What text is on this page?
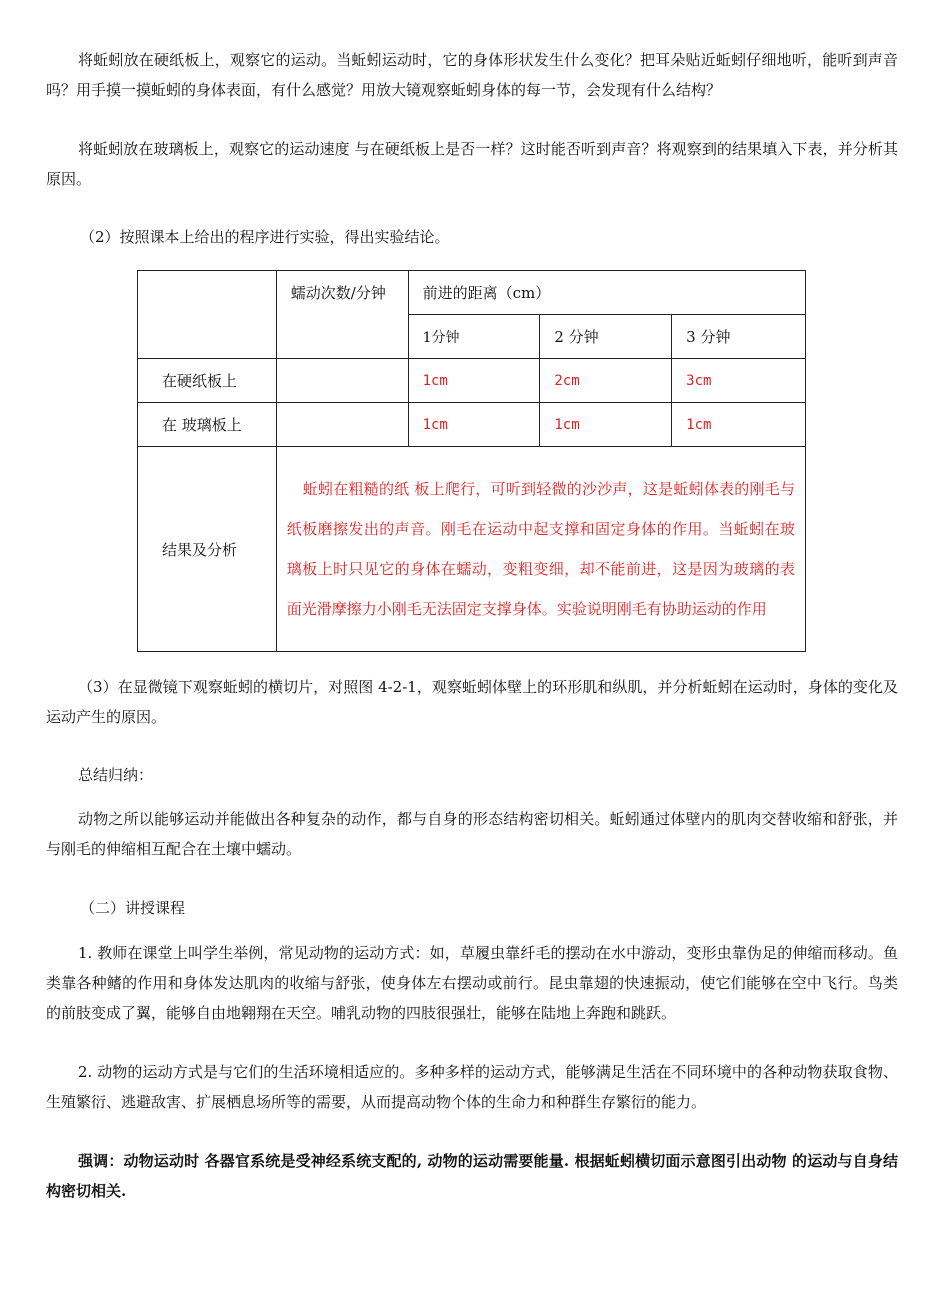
将蚯蚓放在硬纸板上，观察它的运动。当蚯蚓运动时，它的身体形状发生什么变化？把耳朵贴近蚯蚓仔细地听，能听到声音吗？用手摸一摸蚯蚓的身体表面，有什么感觉？用放大镜观察蚯蚓身体的每一节，会发现有什么结构？

将蚯蚓放在玻璃板上，观察它的运动速度 与在硬纸板上是否一样？这时能否听到声音？将观察到的结果填入下表，并分析其原因。

（2）按照课本上给出的程序进行实验，得出实验结论。

	蠕动次数/分钟	前进的距离（cm）		
		1分钟	2 分钟	3 分钟
在硬纸板上		1cm	2cm	3cm
在 玻璃板上		1cm	1cm	1cm
结果及分析	蚯蚓在粗糙的纸 板上爬行，可听到轻微的沙沙声，这是蚯蚓体表的刚毛与纸板磨擦发出的声音。刚毛在运动中起支撑和固定身体的作用。当蚯蚓在玻璃板上时只见它的身体在蠕动，变粗变细，却不能前进，这是因为玻璃的表面光滑摩擦力小刚毛无法固定支撑身体。实验说明刚毛有协助运动的作用			

（3）在显微镜下观察蚯蚓的横切片，对照图 4-2-1，观察蚯蚓体壁上的环形肌和纵肌，并分析蚯蚓在运动时，身体的变化及运动产生的原因。

总结归纳：

动物之所以能够运动并能做出各种复杂的动作，都与自身的形态结构密切相关。蚯蚓通过体壁内的肌肉交替收缩和舒张，并与刚毛的伸缩相互配合在土壤中蠕动。

（二）讲授课程

1. 教师在课堂上叫学生举例，常见动物的运动方式：如，草履虫靠纤毛的摆动在水中游动，变形虫靠伪足的伸缩而移动。鱼类靠各种鳍的作用和身体发达肌肉的收缩与舒张，使身体左右摆动或前行。昆虫靠翅的快速振动，使它们能够在空中飞行。鸟类的前肢变成了翼，能够自由地翱翔在天空。哺乳动物的四肢很强壮，能够在陆地上奔跑和跳跃。

2. 动物的运动方式是与它们的生活环境相适应的。多种多样的运动方式，能够满足生活在不同环境中的各种动物获取食物、生殖繁衍、逃避敌害、扩展栖息场所等的需要，从而提高动物个体的生命力和种群生存繁衍的能力。

强调：动物运动时 各器官系统是受神经系统支配的, 动物的运动需要能量. 根据蚯蚓横切面示意图引出动物 的运动与自身结构密切相关.
